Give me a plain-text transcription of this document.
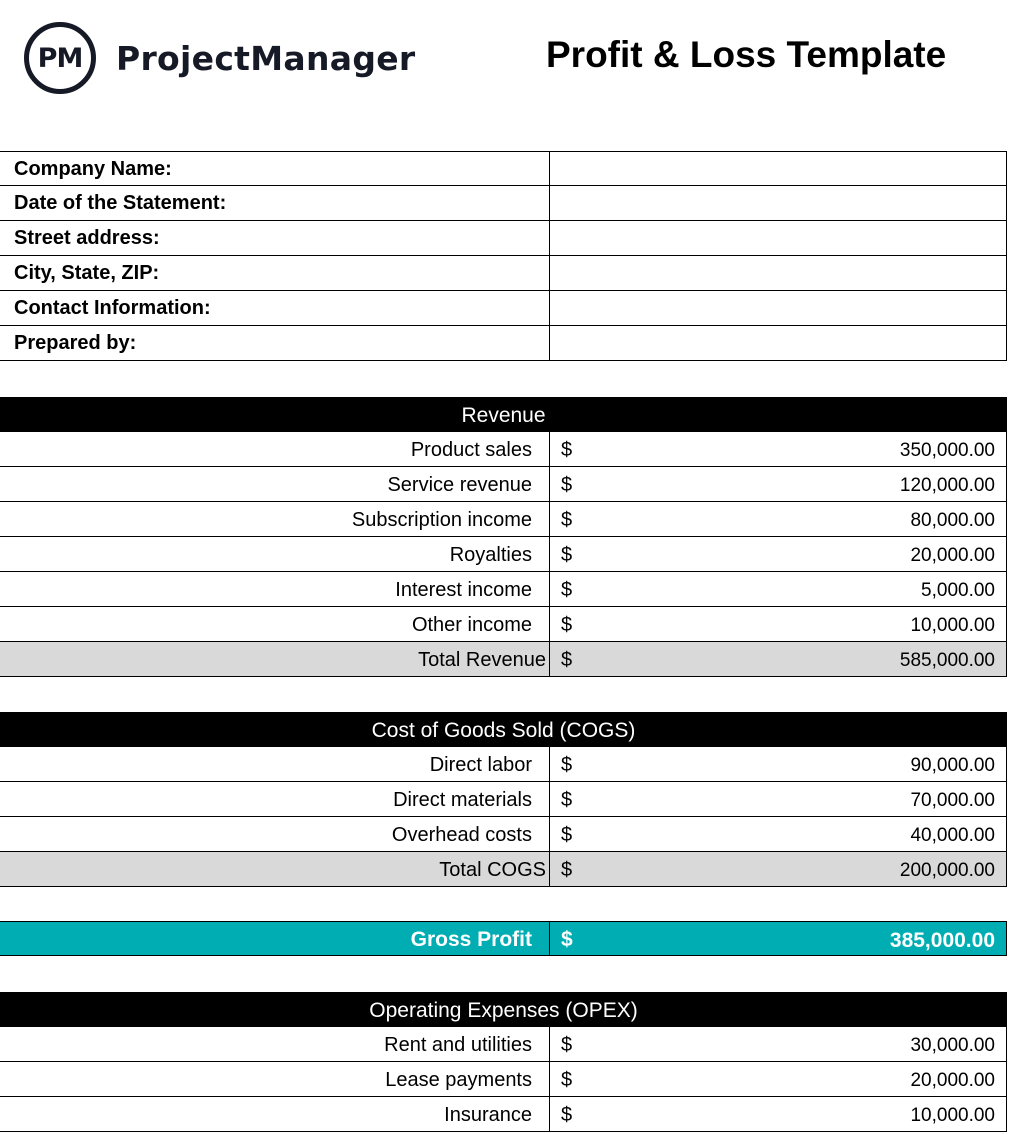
PM	ProjectManager	Profit & Loss Template
Company Name:
Date of the Statement:
Street address:
City, State, ZIP:
Contact Information:
Prepared by:
Revenue
Product sales	$	350,000.00
Service revenue	$	120,000.00
Subscription income	$	80,000.00
Royalties	$	20,000.00
Interest income	$	5,000.00
Other income	$	10,000.00
Total Revenue $	585,000.00
Cost of Goods Sold (COGS)
Direct labor	$	90,000.00
Direct materials	$	70,000.00
Overhead costs	$	40,000.00
Total COGS $	200,000.00
Gross Profit	$	385,000.00
Operating Expenses (OPEX)
Rent and utilities	$	30,000.00
Lease payments	$	20,000.00
Insurance	$	10,000.00
